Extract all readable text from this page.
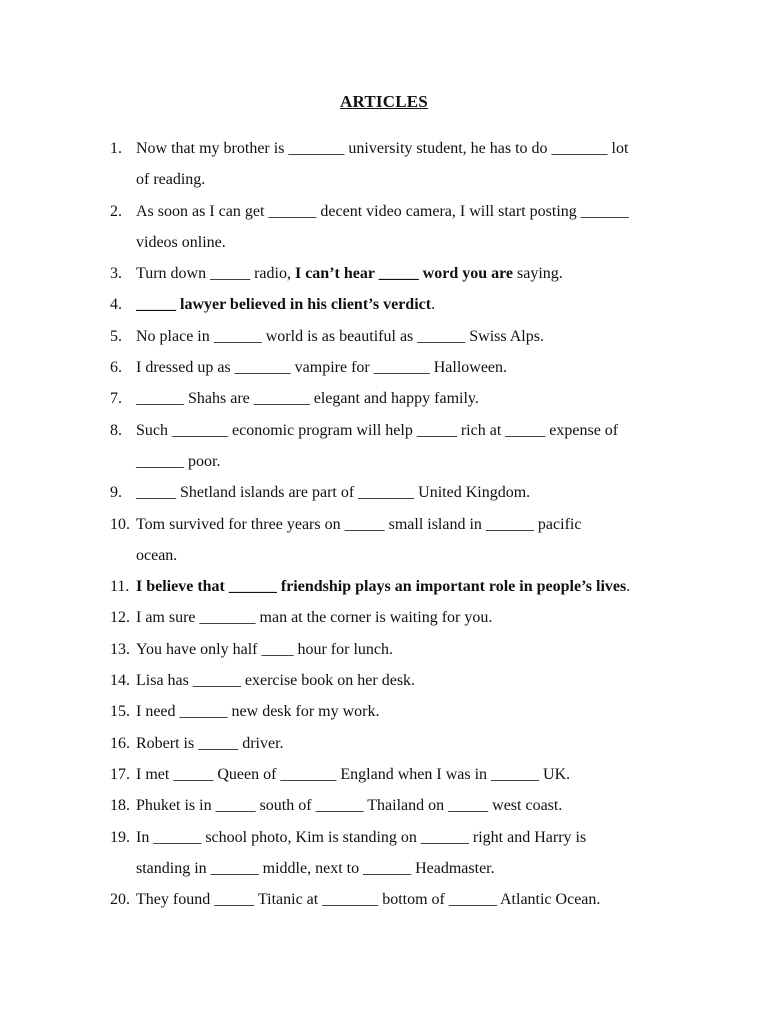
ARTICLES
1. Now that my brother is _______ university student, he has to do _______ lot
of reading.
2. As soon as I can get ______ decent video camera, I will start posting ______
videos online.
3. Turn down _____ radio, I can’t hear _____ word you are saying.
4. _____ lawyer believed in his client’s verdict.
5. No place in ______ world is as beautiful as ______ Swiss Alps.
6. I dressed up as _______ vampire for _______ Halloween.
7. ______ Shahs are _______ elegant and happy family.
8. Such _______ economic program will help _____ rich at _____ expense of
______ poor.
9. _____ Shetland islands are part of _______ United Kingdom.
10. Tom survived for three years on _____ small island in ______ pacific
ocean.
11. I believe that ______ friendship plays an important role in people’s lives.
12. I am sure _______ man at the corner is waiting for you.
13. You have only half ____ hour for lunch.
14. Lisa has ______ exercise book on her desk.
15. I need ______ new desk for my work.
16. Robert is _____ driver.
17. I met _____ Queen of _______ England when I was in ______ UK.
18. Phuket is in _____ south of ______ Thailand on _____ west coast.
19. In ______ school photo, Kim is standing on ______ right and Harry is
standing in ______ middle, next to ______ Headmaster.
20. They found _____ Titanic at _______ bottom of ______ Atlantic Ocean.
